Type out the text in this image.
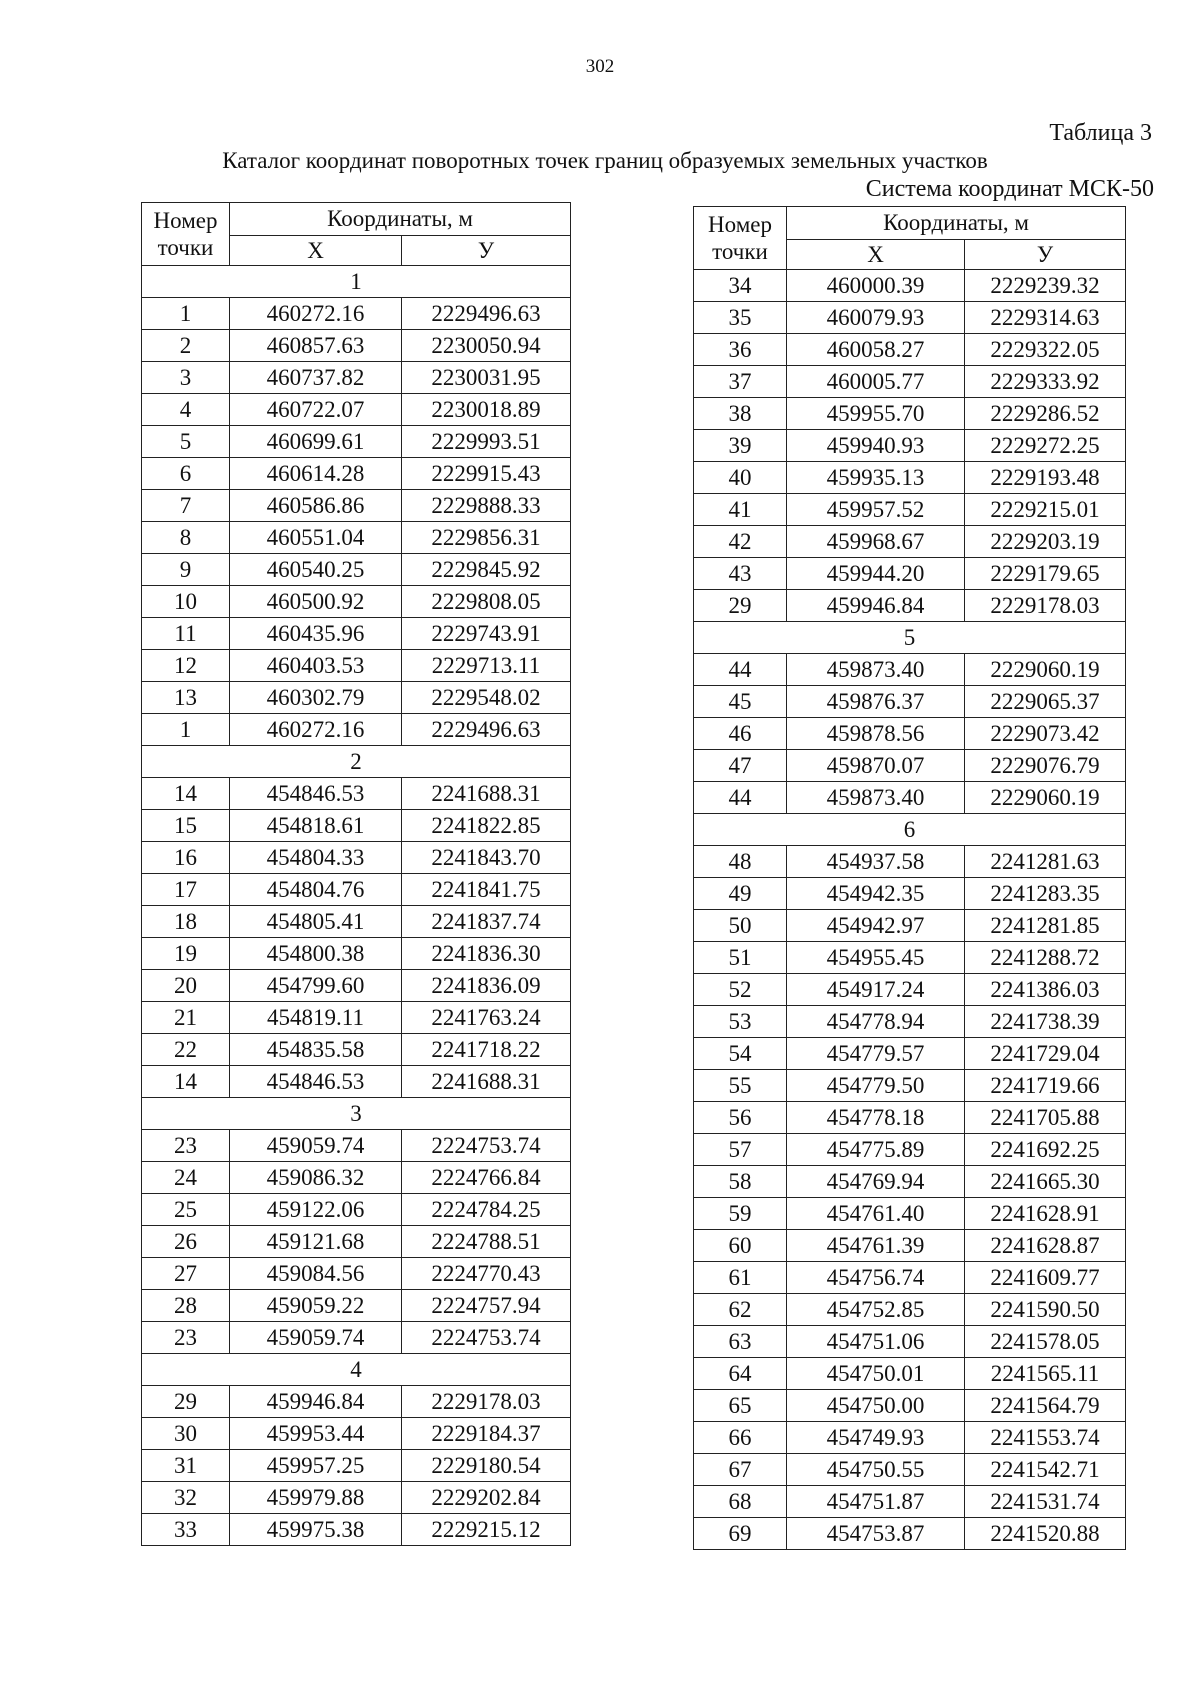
302
Таблица 3
Каталог координат поворотных точек границ образуемых земельных участков
Система координат МСК-50
Номер
точки	Координаты, м	
	Х	У
1		
1	460272.16	2229496.63
2	460857.63	2230050.94
3	460737.82	2230031.95
4	460722.07	2230018.89
5	460699.61	2229993.51
6	460614.28	2229915.43
7	460586.86	2229888.33
8	460551.04	2229856.31
9	460540.25	2229845.92
10	460500.92	2229808.05
11	460435.96	2229743.91
12	460403.53	2229713.11
13	460302.79	2229548.02
1	460272.16	2229496.63
2		
14	454846.53	2241688.31
15	454818.61	2241822.85
16	454804.33	2241843.70
17	454804.76	2241841.75
18	454805.41	2241837.74
19	454800.38	2241836.30
20	454799.60	2241836.09
21	454819.11	2241763.24
22	454835.58	2241718.22
14	454846.53	2241688.31
3		
23	459059.74	2224753.74
24	459086.32	2224766.84
25	459122.06	2224784.25
26	459121.68	2224788.51
27	459084.56	2224770.43
28	459059.22	2224757.94
23	459059.74	2224753.74
4		
29	459946.84	2229178.03
30	459953.44	2229184.37
31	459957.25	2229180.54
32	459979.88	2229202.84
33	459975.38	2229215.12
Номер
точки	Координаты, м	
	Х	У
34	460000.39	2229239.32
35	460079.93	2229314.63
36	460058.27	2229322.05
37	460005.77	2229333.92
38	459955.70	2229286.52
39	459940.93	2229272.25
40	459935.13	2229193.48
41	459957.52	2229215.01
42	459968.67	2229203.19
43	459944.20	2229179.65
29	459946.84	2229178.03
5		
44	459873.40	2229060.19
45	459876.37	2229065.37
46	459878.56	2229073.42
47	459870.07	2229076.79
44	459873.40	2229060.19
6		
48	454937.58	2241281.63
49	454942.35	2241283.35
50	454942.97	2241281.85
51	454955.45	2241288.72
52	454917.24	2241386.03
53	454778.94	2241738.39
54	454779.57	2241729.04
55	454779.50	2241719.66
56	454778.18	2241705.88
57	454775.89	2241692.25
58	454769.94	2241665.30
59	454761.40	2241628.91
60	454761.39	2241628.87
61	454756.74	2241609.77
62	454752.85	2241590.50
63	454751.06	2241578.05
64	454750.01	2241565.11
65	454750.00	2241564.79
66	454749.93	2241553.74
67	454750.55	2241542.71
68	454751.87	2241531.74
69	454753.87	2241520.88
